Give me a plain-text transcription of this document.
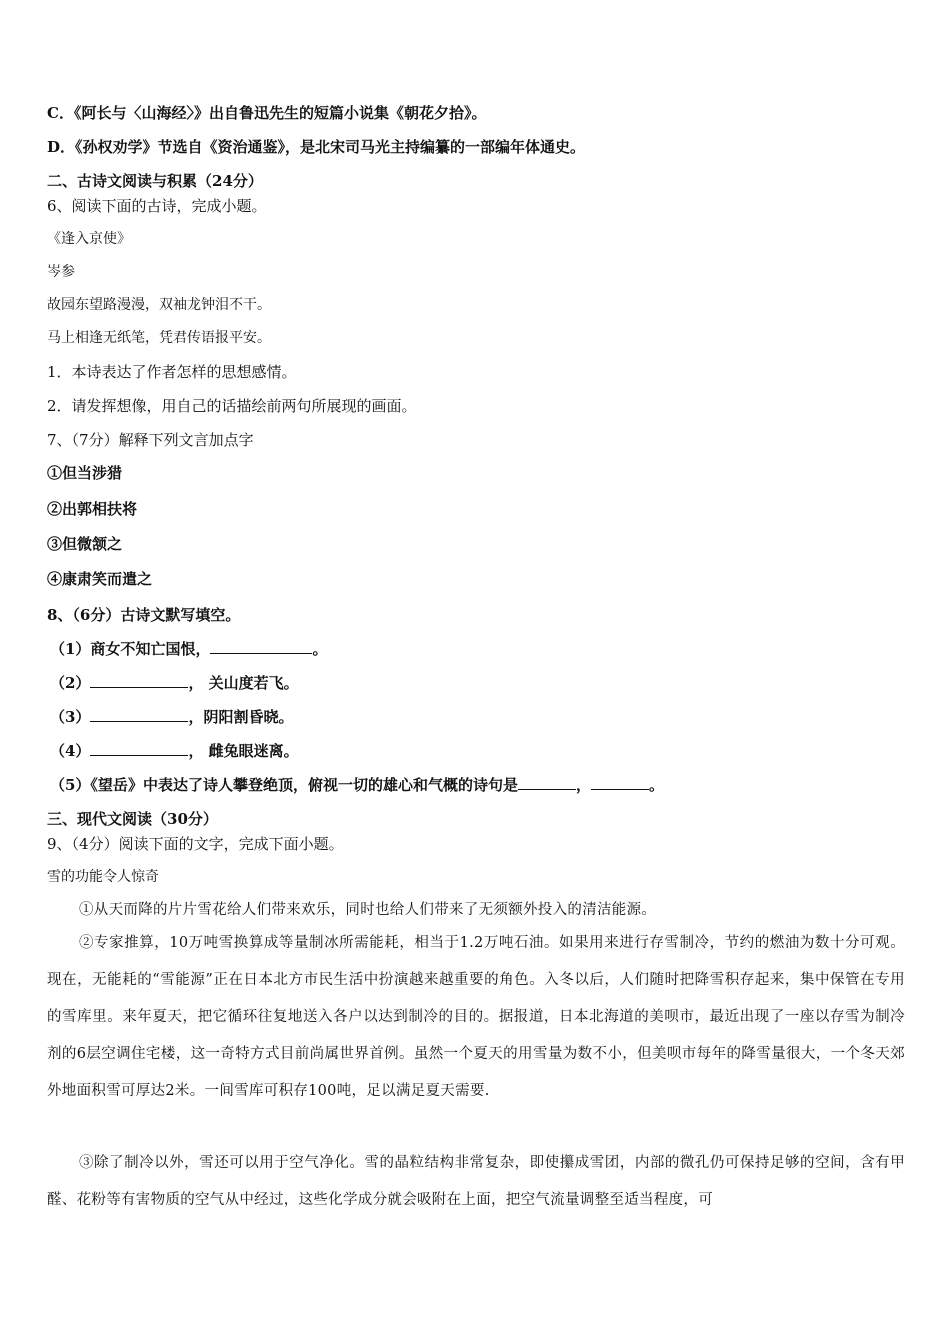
C．《阿长与〈山海经〉》出自鲁迅先生的短篇小说集《朝花夕拾》。
D．《孙权劝学》节选自《资治通鉴》，是北宋司马光主持编纂的一部编年体通史。
二、古诗文阅读与积累（24分）
6、阅读下面的古诗，完成小题。
《逢入京使》
岑参
故园东望路漫漫，双袖龙钟泪不干。
马上相逢无纸笔，凭君传语报平安。
1．本诗表达了作者怎样的思想感情。
2．请发挥想像，用自己的话描绘前两句所展现的画面。
7、（7分）解释下列文言加点字
①但当涉猎
②出郭相扶将
③但微颔之
④康肃笑而遣之
8、（6分）古诗文默写填空。
（1）商女不知亡国恨，	。
（2）	， 关山度若飞。
（3）	，阴阳割昏晓。
（4）	， 雌兔眼迷离。
（5）《望岳》中表达了诗人攀登绝顶，俯视一切的雄心和气概的诗句是	，	。
三、现代文阅读（30分）
9、（4分）阅读下面的文字，完成下面小题。
雪的功能令人惊奇
①从天而降的片片雪花给人们带来欢乐，同时也给人们带来了无须额外投入的清洁能源。
②专家推算，10万吨雪换算成等量制冰所需能耗，相当于1.2万吨石油。如果用来进行存雪制冷，节约的燃油为数十分可观。现在，无能耗的“雪能源”正在日本北方市民生活中扮演越来越重要的角色。入冬以后，人们随时把降雪积存起来，集中保管在专用的雪库里。来年夏天，把它循环往复地送入各户以达到制冷的目的。据报道，日本北海道的美呗市，最近出现了一座以存雪为制冷剂的6层空调住宅楼，这一奇特方式目前尚属世界首例。虽然一个夏天的用雪量为数不小，但美呗市每年的降雪量很大，一个冬天郊外地面积雪可厚达2米。一间雪库可积存100吨，足以满足夏天需要.
③除了制冷以外，雪还可以用于空气净化。雪的晶粒结构非常复杂，即使攥成雪团，内部的微孔仍可保持足够的空间，含有甲醛、花粉等有害物质的空气从中经过，这些化学成分就会吸附在上面，把空气流量调整至适当程度，可
